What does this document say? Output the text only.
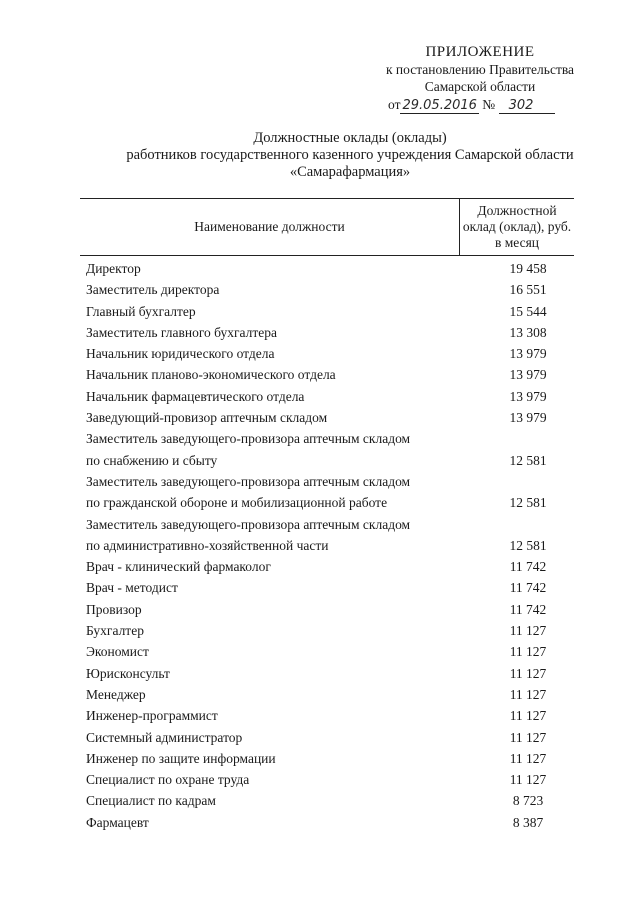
ПРИЛОЖЕНИЕ
к постановлению Правительства
Самарской области
от 29.05.2016 № 302
Должностные оклады (оклады)
работников государственного казенного учреждения Самарской области
«Самарафармация»
Наименование должности
Должностной оклад (оклад), руб. в месяц
Директор	19 458
Заместитель директора	16 551
Главный бухгалтер	15 544
Заместитель главного бухгалтера	13 308
Начальник юридического отдела	13 979
Начальник планово-экономического отдела	13 979
Начальник фармацевтического отдела	13 979
Заведующий-провизор аптечным складом	13 979
Заместитель заведующего-провизора аптечным складом
по снабжению и сбыту	12 581
Заместитель заведующего-провизора аптечным складом
по гражданской обороне и мобилизационной работе	12 581
Заместитель заведующего-провизора аптечным складом
по административно-хозяйственной части	12 581
Врач - клинический фармаколог	11 742
Врач - методист	11 742
Провизор	11 742
Бухгалтер	11 127
Экономист	11 127
Юрисконсульт	11 127
Менеджер	11 127
Инженер-программист	11 127
Системный администратор	11 127
Инженер по защите информации	11 127
Специалист по охране труда	11 127
Специалист по кадрам	8 723
Фармацевт	8 387
